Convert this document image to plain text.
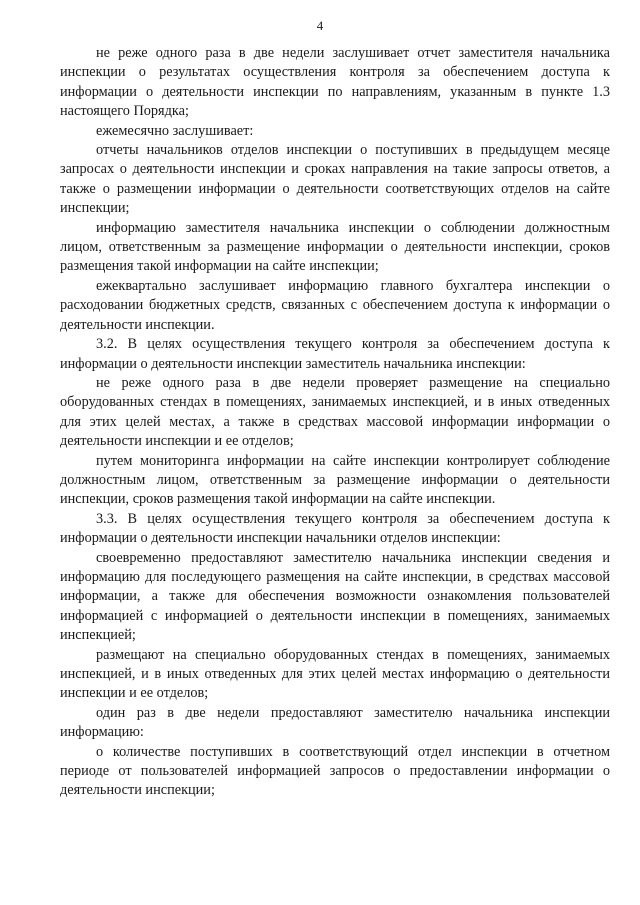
4

не реже одного раза в две недели заслушивает отчет заместителя начальника инспекции о результатах осуществления контроля за обеспечением доступа к информации о деятельности инспекции по направлениям, указанным в пункте 1.3 настоящего Порядка;

ежемесячно заслушивает:

отчеты начальников отделов инспекции о поступивших в предыдущем месяце запросах о деятельности инспекции и сроках направления на такие запросы ответов, а также о размещении информации о деятельности соответствующих отделов на сайте инспекции;

информацию заместителя начальника инспекции о соблюдении должностным лицом, ответственным за размещение информации о деятельности инспекции, сроков размещения такой информации на сайте инспекции;

ежеквартально заслушивает информацию главного бухгалтера инспекции о расходовании бюджетных средств, связанных с обеспечением доступа к информации о деятельности инспекции.

3.2. В целях осуществления текущего контроля за обеспечением доступа к информации о деятельности инспекции заместитель начальника инспекции:

не реже одного раза в две недели проверяет размещение на специально оборудованных стендах в помещениях, занимаемых инспекцией, и в иных отведенных для этих целей местах, а также в средствах массовой информации информации о деятельности инспекции и ее отделов;

путем мониторинга информации на сайте инспекции контролирует соблюдение должностным лицом, ответственным за размещение информации о деятельности инспекции, сроков размещения такой информации на сайте инспекции.

3.3. В целях осуществления текущего контроля за обеспечением доступа к информации о деятельности инспекции начальники отделов инспекции:

своевременно предоставляют заместителю начальника инспекции сведения и информацию для последующего размещения на сайте инспекции, в средствах массовой информации, а также для обеспечения возможности ознакомления пользователей информацией с информацией о деятельности инспекции в помещениях, занимаемых инспекцией;

размещают на специально оборудованных стендах в помещениях, занимаемых инспекцией, и в иных отведенных для этих целей местах информацию о деятельности инспекции и ее отделов;

один раз в две недели предоставляют заместителю начальника инспекции информацию:

о количестве поступивших в соответствующий отдел инспекции в отчетном периоде от пользователей информацией запросов о предоставлении информации о деятельности инспекции;
